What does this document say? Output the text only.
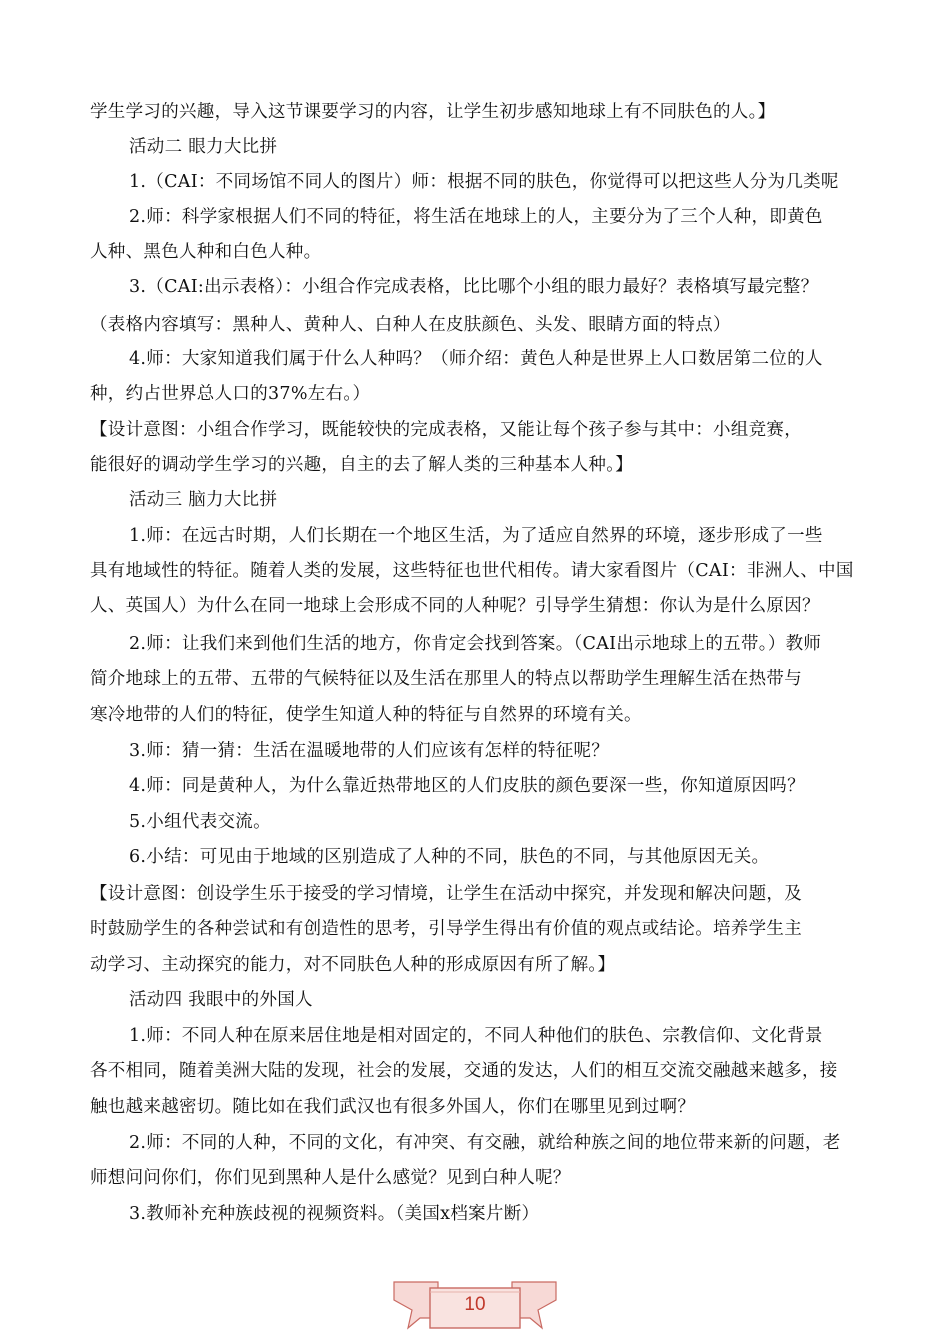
学生学习的兴趣，导入这节课要学习的内容，让学生初步感知地球上有不同肤色的人。】
活动二 眼力大比拼
1.（CAI：不同场馆不同人的图片）师：根据不同的肤色，你觉得可以把这些人分为几类呢
2.师：科学家根据人们不同的特征，将生活在地球上的人，主要分为了三个人种，即黄色
人种、黑色人种和白色人种。
3.（CAI:出示表格）：小组合作完成表格，比比哪个小组的眼力最好？表格填写最完整？
（表格内容填写：黑种人、黄种人、白种人在皮肤颜色、头发、眼睛方面的特点）
4.师：大家知道我们属于什么人种吗？（师介绍：黄色人种是世界上人口数居第二位的人
种，约占世界总人口的37%左右。）
【设计意图：小组合作学习，既能较快的完成表格，又能让每个孩子参与其中：小组竞赛，
能很好的调动学生学习的兴趣，自主的去了解人类的三种基本人种。】
活动三 脑力大比拼
1.师：在远古时期，人们长期在一个地区生活，为了适应自然界的环境，逐步形成了一些
具有地域性的特征。随着人类的发展，这些特征也世代相传。请大家看图片（CAI：非洲人、中国
人、英国人）为什么在同一地球上会形成不同的人种呢？引导学生猜想：你认为是什么原因？
2.师：让我们来到他们生活的地方，你肯定会找到答案。（CAI出示地球上的五带。）教师
简介地球上的五带、五带的气候特征以及生活在那里人的特点以帮助学生理解生活在热带与
寒冷地带的人们的特征，使学生知道人种的特征与自然界的环境有关。
3.师：猜一猜：生活在温暖地带的人们应该有怎样的特征呢？
4.师：同是黄种人，为什么靠近热带地区的人们皮肤的颜色要深一些，你知道原因吗？
5.小组代表交流。
6.小结：可见由于地域的区别造成了人种的不同，肤色的不同，与其他原因无关。
【设计意图：创设学生乐于接受的学习情境，让学生在活动中探究，并发现和解决问题，及
时鼓励学生的各种尝试和有创造性的思考，引导学生得出有价值的观点或结论。培养学生主
动学习、主动探究的能力，对不同肤色人种的形成原因有所了解。】
活动四 我眼中的外国人
1.师：不同人种在原来居住地是相对固定的，不同人种他们的肤色、宗教信仰、文化背景
各不相同，随着美洲大陆的发现，社会的发展，交通的发达，人们的相互交流交融越来越多，接
触也越来越密切。随比如在我们武汉也有很多外国人，你们在哪里见到过啊？
2.师：不同的人种，不同的文化，有冲突、有交融，就给种族之间的地位带来新的问题，老
师想问问你们，你们见到黑种人是什么感觉？见到白种人呢？
3.教师补充种族歧视的视频资料。（美国x档案片断）
10
